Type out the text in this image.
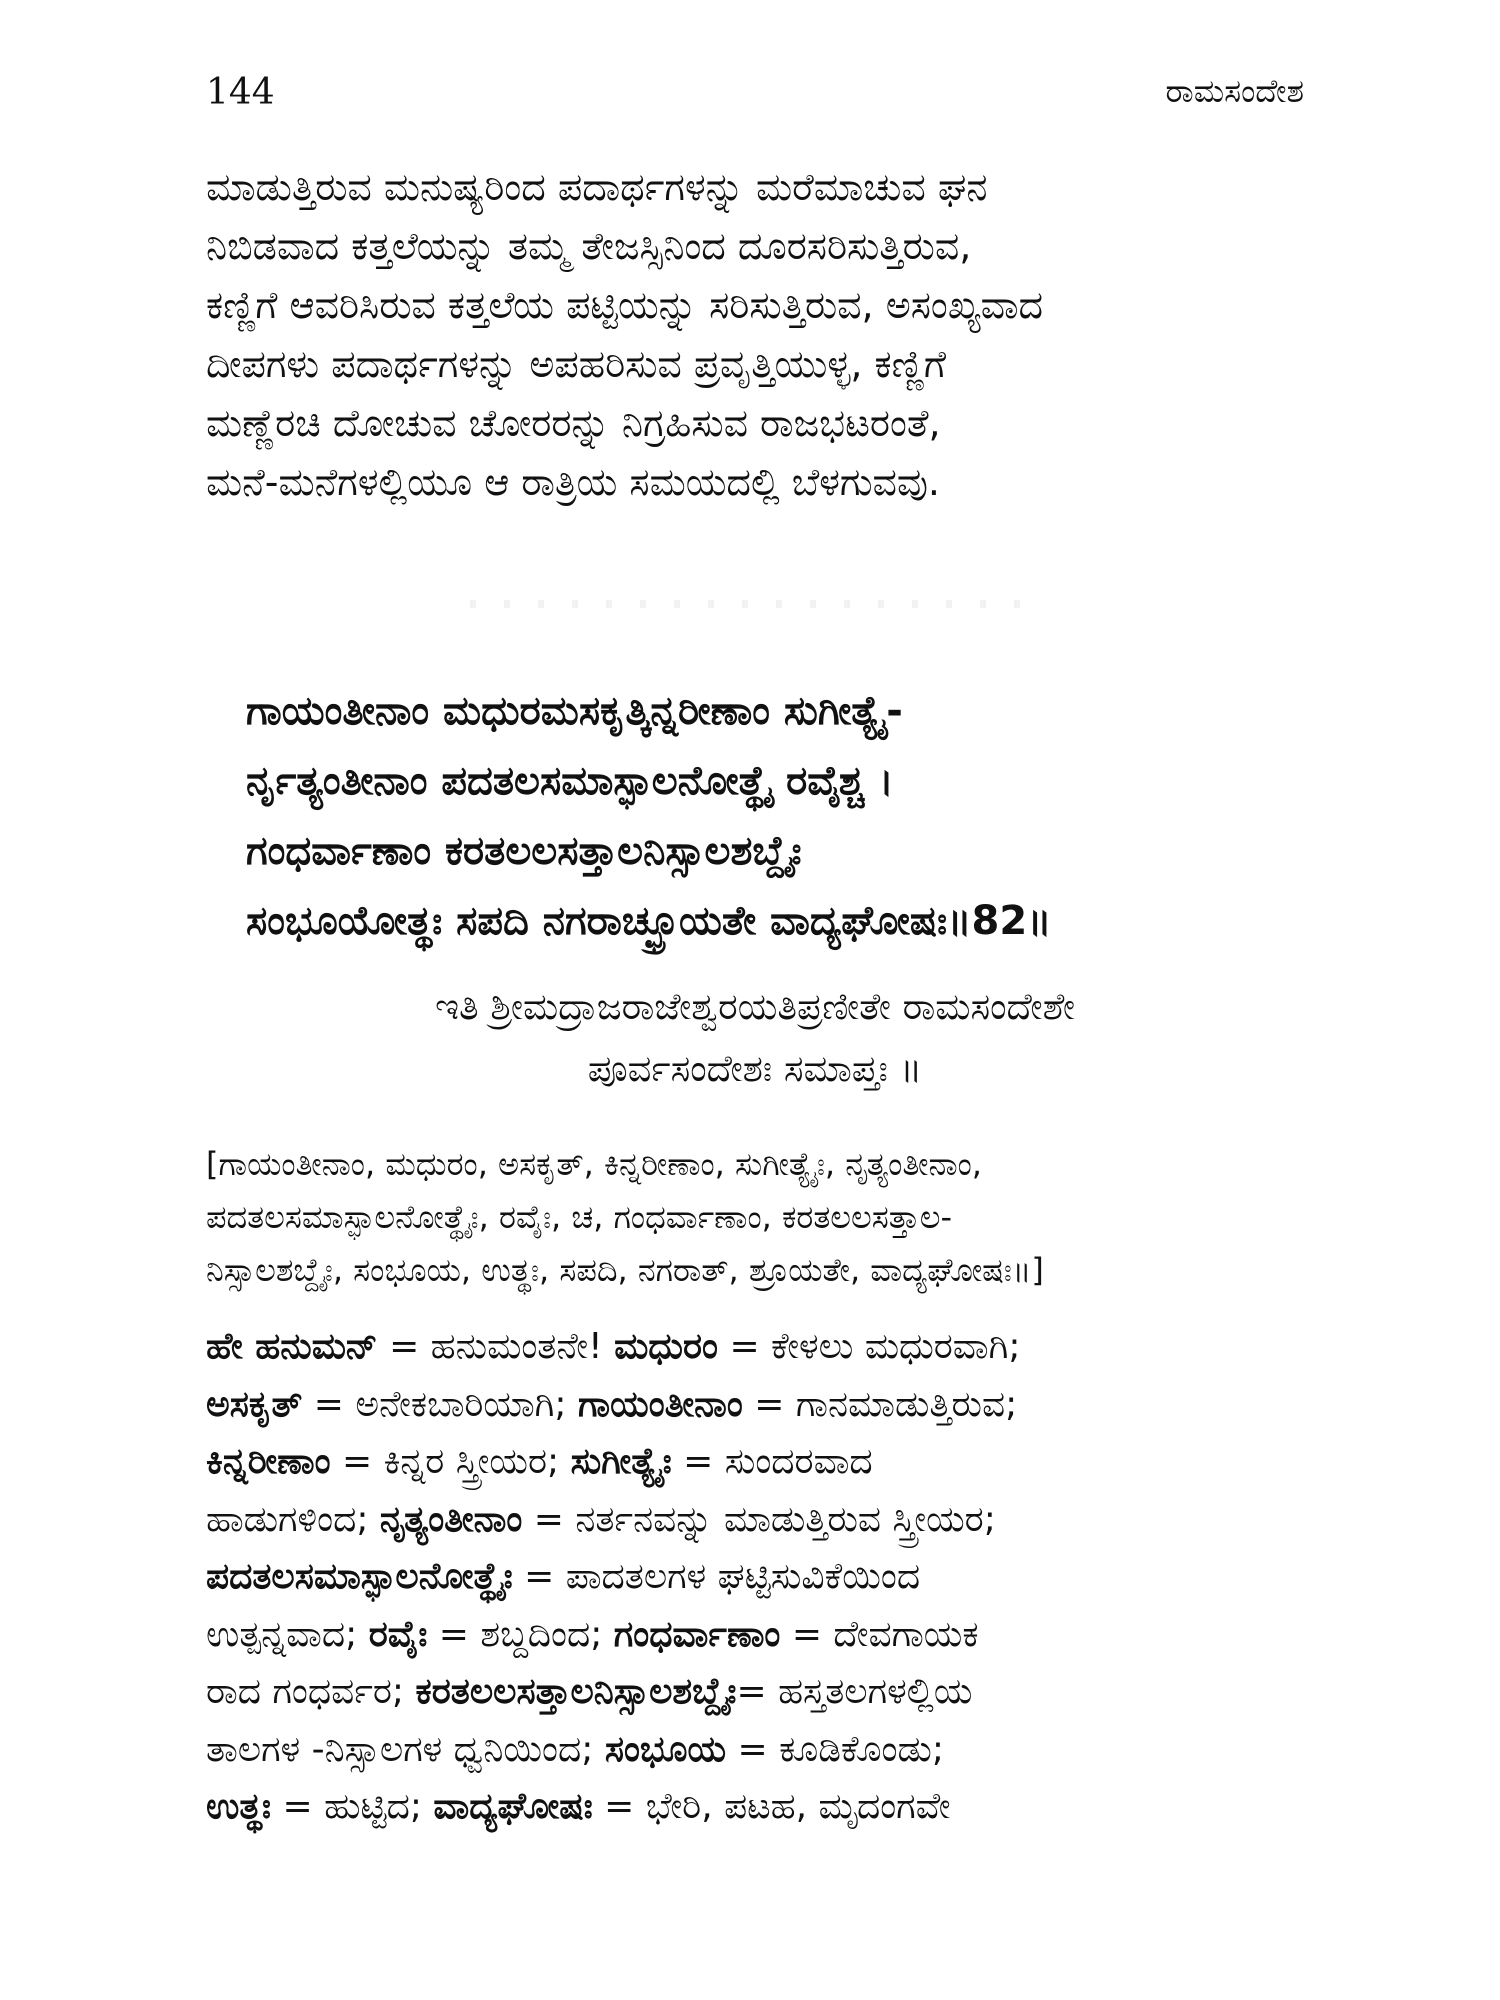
144	ರಾಮಸಂದೇಶ

ಮಾಡುತ್ತಿರುವ ಮನುಷ್ಯರಿಂದ ಪದಾರ್ಥಗಳನ್ನು ಮರೆಮಾಚುವ ಘನ

ನಿಬಿಡವಾದ ಕತ್ತಲೆಯನ್ನು ತಮ್ಮ ತೇಜಸ್ಸಿನಿಂದ ದೂರಸರಿಸುತ್ತಿರುವ,

ಕಣ್ಣಿಗೆ ಆವರಿಸಿರುವ ಕತ್ತಲೆಯ ಪಟ್ಟಿಯನ್ನು ಸರಿಸುತ್ತಿರುವ, ಅಸಂಖ್ಯವಾದ

ದೀಪಗಳು ಪದಾರ್ಥಗಳನ್ನು ಅಪಹರಿಸುವ ಪ್ರವೃತ್ತಿಯುಳ್ಳ, ಕಣ್ಣಿಗೆ

ಮಣ್ಣೆರಚಿ ದೋಚುವ ಚೋರರನ್ನು ನಿಗ್ರಹಿಸುವ ರಾಜಭಟರಂತೆ,

ಮನೆ-ಮನೆಗಳಲ್ಲಿಯೂ ಆ ರಾತ್ರಿಯ ಸಮಯದಲ್ಲಿ ಬೆಳಗುವವು.

ಗಾಯಂತೀನಾಂ ಮಧುರಮಸಕೃತ್ಕಿನ್ನರೀಣಾಂ ಸುಗೀತ್ಯೈ-

ರ್ನೃತ್ಯಂತೀನಾಂ ಪದತಲಸಮಾಸ್ಫಾಲನೋತ್ಥೈ ರವೈಶ್ಚ ।

ಗಂಧರ್ವಾಣಾಂ ಕರತಲಲಸತ್ತಾಲನಿಸ್ಸಾಲಶಬ್ದೈಃ

ಸಂಭೂಯೋತ್ಥಃ ಸಪದಿ ನಗರಾಚ್ಛ್ರೂಯತೇ ವಾದ್ಯಘೋಷಃ॥82॥

ಇತಿ ಶ್ರೀಮದ್ರಾಜರಾಜೇಶ್ವರಯತಿಪ್ರಣೀತೇ ರಾಮಸಂದೇಶೇ

ಪೂರ್ವಸಂದೇಶಃ ಸಮಾಪ್ತಃ ॥

[ಗಾಯಂತೀನಾಂ, ಮಧುರಂ, ಅಸಕೃತ್, ಕಿನ್ನರೀಣಾಂ, ಸುಗೀತ್ಯೈಃ, ನೃತ್ಯಂತೀನಾಂ,

ಪದತಲಸಮಾಸ್ಫಾಲನೋತ್ಥೈಃ, ರವೈಃ, ಚ, ಗಂಧರ್ವಾಣಾಂ, ಕರತಲಲಸತ್ತಾಲ-

ನಿಸ್ಸಾಲಶಬ್ದೈಃ, ಸಂಭೂಯ, ಉತ್ಥಃ, ಸಪದಿ, ನಗರಾತ್, ಶ್ರೂಯತೇ, ವಾದ್ಯಘೋಷಃ॥]

ಹೇ ಹನುಮನ್ = ಹನುಮಂತನೇ! ಮಧುರಂ = ಕೇಳಲು ಮಧುರವಾಗಿ;

ಅಸಕೃತ್ = ಅನೇಕಬಾರಿಯಾಗಿ; ಗಾಯಂತೀನಾಂ = ಗಾನಮಾಡುತ್ತಿರುವ;

ಕಿನ್ನರೀಣಾಂ = ಕಿನ್ನರ ಸ್ತ್ರೀಯರ; ಸುಗೀತ್ಯೈಃ = ಸುಂದರವಾದ

ಹಾಡುಗಳಿಂದ; ನೃತ್ಯಂತೀನಾಂ = ನರ್ತನವನ್ನು ಮಾಡುತ್ತಿರುವ ಸ್ತ್ರೀಯರ;

ಪದತಲಸಮಾಸ್ಫಾಲನೋತ್ಥೈಃ = ಪಾದತಲಗಳ ಘಟ್ಟಿಸುವಿಕೆಯಿಂದ

ಉತ್ಪನ್ನವಾದ; ರವೈಃ = ಶಬ್ದದಿಂದ; ಗಂಧರ್ವಾಣಾಂ = ದೇವಗಾಯಕ

ರಾದ ಗಂಧರ್ವರ; ಕರತಲಲಸತ್ತಾಲನಿಸ್ಸಾಲಶಬ್ದೈಃ= ಹಸ್ತತಲಗಳಲ್ಲಿಯ

ತಾಲಗಳ -ನಿಸ್ಸಾಲಗಳ ಧ್ವನಿಯಿಂದ; ಸಂಭೂಯ = ಕೂಡಿಕೊಂಡು;

ಉತ್ಥಃ = ಹುಟ್ಟಿದ; ವಾದ್ಯಘೋಷಃ = ಭೇರಿ, ಪಟಹ, ಮೃದಂಗವೇ
